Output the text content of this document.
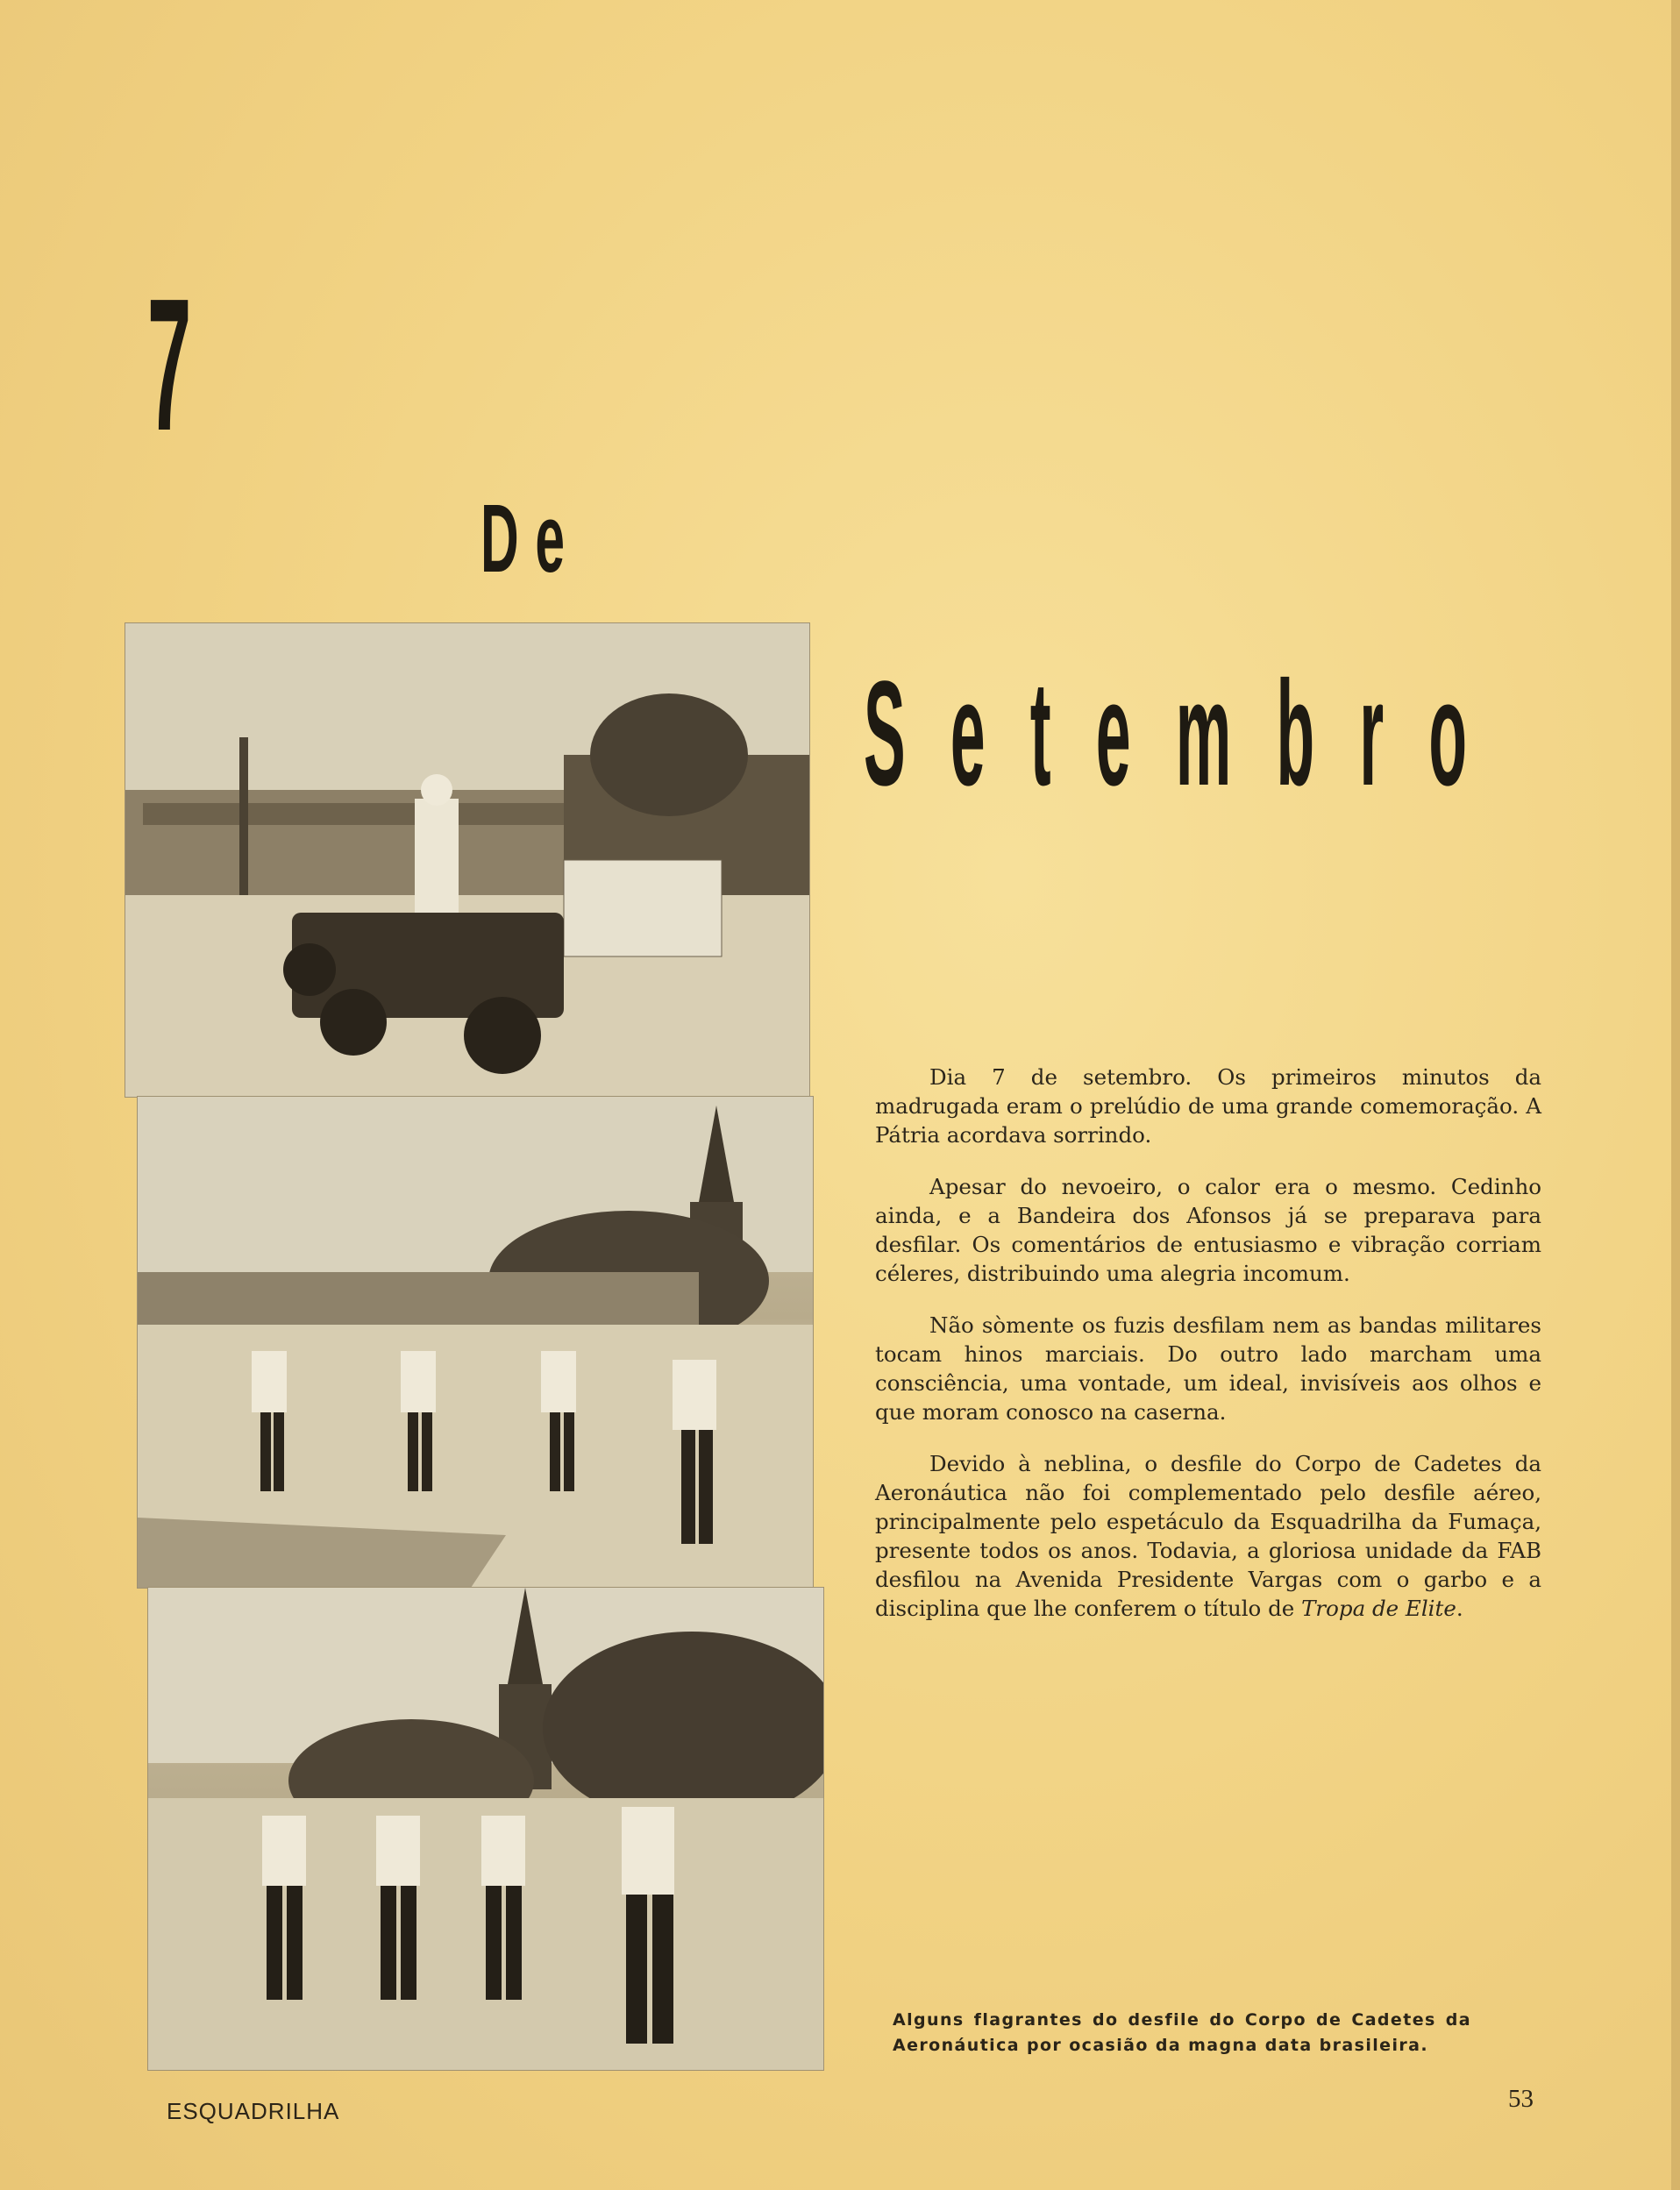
7
De
Setembro

Dia 7 de setembro. Os primeiros minutos da madrugada eram o prelúdio de uma grande comemoração. A Pátria acordava sorrindo.

Apesar do nevoeiro, o calor era o mesmo. Cedinho ainda, e a Bandeira dos Afonsos já se preparava para desfilar. Os comentários de entusiasmo e vibração corriam céleres, distribuindo uma alegria incomum.

Não sòmente os fuzis desfilam nem as bandas militares tocam hinos marciais. Do outro lado marcham uma consciência, uma vontade, um ideal, invisíveis aos olhos e que moram conosco na caserna.

Devido à neblina, o desfile do Corpo de Cadetes da Aeronáutica não foi complementado pelo desfile aéreo, principalmente pelo espetáculo da Esquadrilha da Fumaça, presente todos os anos. Todavia, a gloriosa unidade da FAB desfilou na Avenida Presidente Vargas com o garbo e a disciplina que lhe conferem o título de Tropa de Elite.

Alguns flagrantes do desfile do Corpo de Cadetes da Aeronáutica por ocasião da magna data brasileira.
ESQUADRILHA	53
